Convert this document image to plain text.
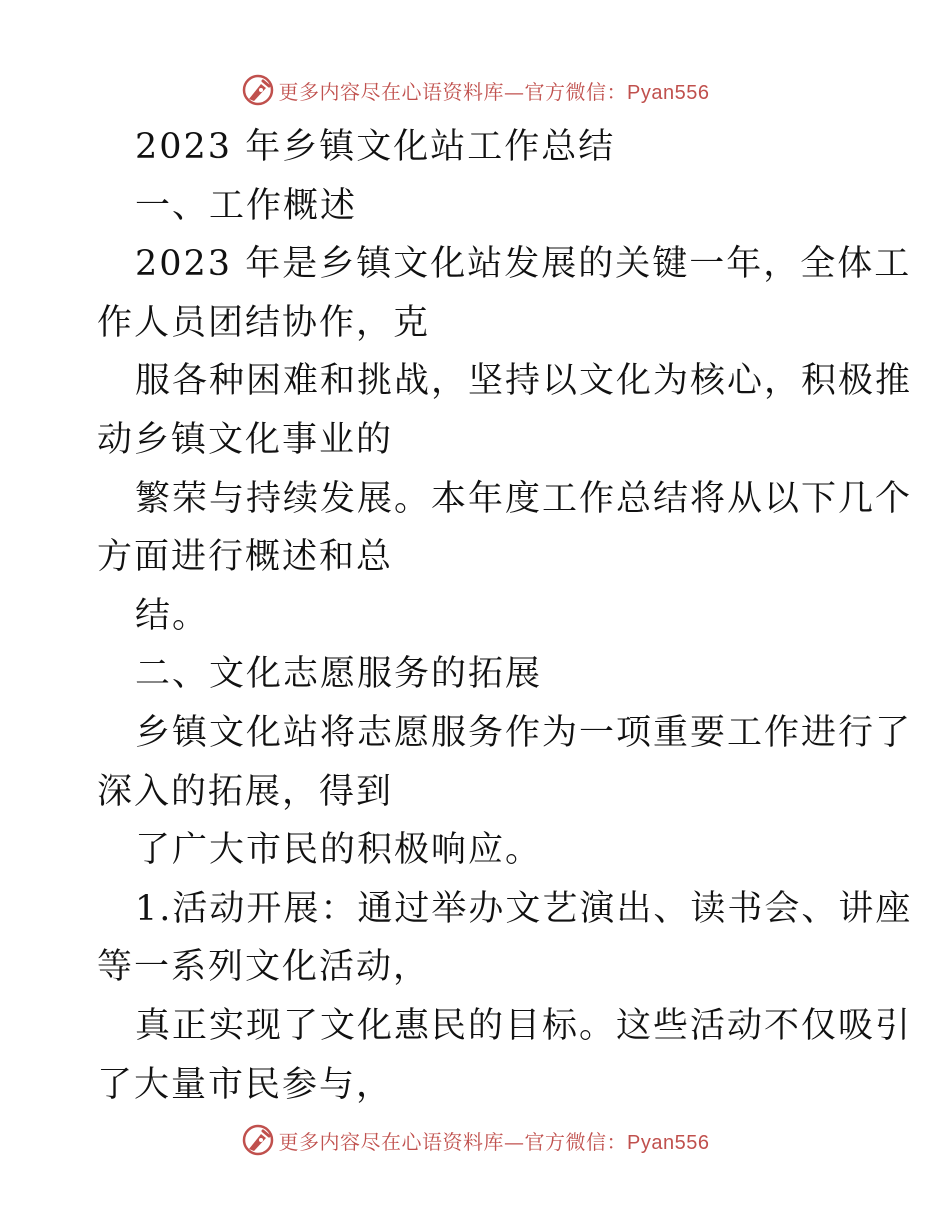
更多内容尽在心语资料库—官方微信：Pyan556
2023 年乡镇文化站工作总结
一、工作概述
2023 年是乡镇文化站发展的关键一年，全体工
作人员团结协作，克
服各种困难和挑战，坚持以文化为核心，积极推
动乡镇文化事业的
繁荣与持续发展。本年度工作总结将从以下几个
方面进行概述和总
结。
二、文化志愿服务的拓展
乡镇文化站将志愿服务作为一项重要工作进行了
深入的拓展，得到
了广大市民的积极响应。
1.活动开展：通过举办文艺演出、读书会、讲座
等一系列文化活动，
真正实现了文化惠民的目标。这些活动不仅吸引
了大量市民参与，
更多内容尽在心语资料库—官方微信：Pyan556
